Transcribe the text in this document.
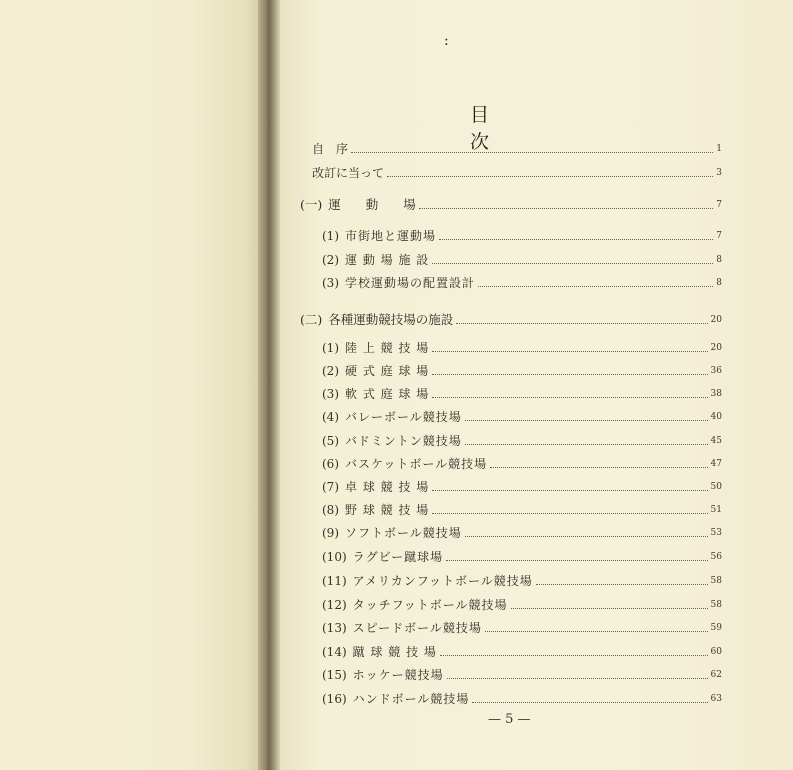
:
目　次
自　序	1
改訂に当って	3
(一) 運　　動　　場	7
(1) 市街地と運動場	7
(2) 運 動 場 施 設	8
(3) 学校運動場の配置設計	8
(二) 各種運動競技場の施設	20
(1) 陸 上 競 技 場	20
(2) 硬 式 庭 球 場	36
(3) 軟 式 庭 球 場	38
(4) バレーボール競技場	40
(5) バドミントン競技場	45
(6) バスケットボール競技場	47
(7) 卓 球 競 技 場	50
(8) 野 球 競 技 場	51
(9) ソフトボール競技場	53
(10) ラグビー蹴球場	56
(11) アメリカンフットボール競技場	58
(12) タッチフットボール競技場	58
(13) スピードボール競技場	59
(14) 蹴 球 競 技 場	60
(15) ホッケー競技場	62
(16) ハンドボール競技場	63
— 5 —
